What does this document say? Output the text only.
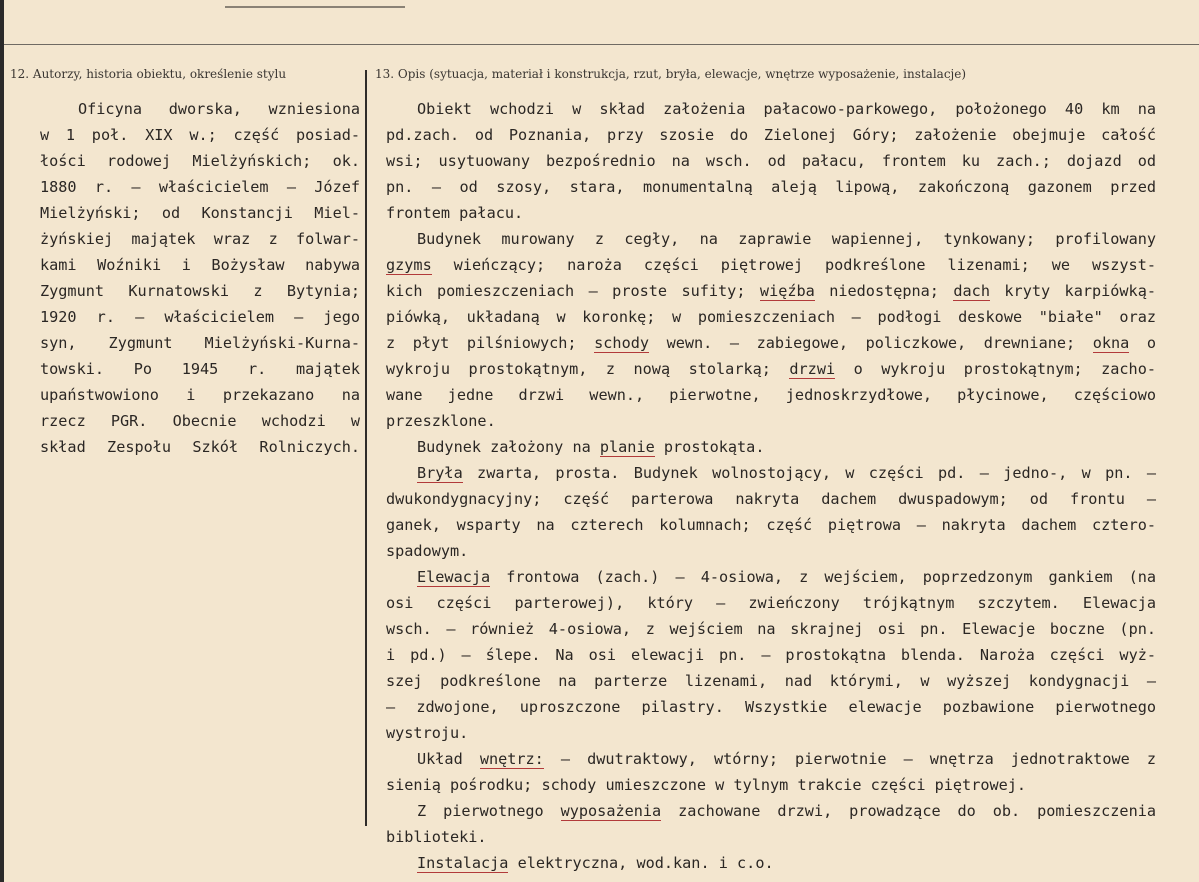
12. Autorzy, historia obiektu, określenie stylu	13. Opis (sytuacja, materiał i konstrukcja, rzut, bryła, elewacje, wnętrze wyposażenie, instalacje)
Oficyna dworska, wzniesiona
w 1 poł. XIX w.; część posiad-
łości rodowej Mielżyńskich; ok.
1880 r. – właścicielem – Józef
Mielżyński; od Konstancji Miel-
żyńskiej majątek wraz z folwar-
kami Woźniki i Bożysław nabywa
Zygmunt Kurnatowski z Bytynia;
1920 r. – właścicielem – jego
syn, Zygmunt Mielżyński-Kurna-
towski. Po 1945 r. majątek
upaństwowiono i przekazano na
rzecz PGR. Obecnie wchodzi w
skład Zespołu Szkół Rolniczych.
Obiekt wchodzi w skład założenia pałacowo-parkowego, położonego 40 km na
pd.zach. od Poznania, przy szosie do Zielonej Góry; założenie obejmuje całość
wsi; usytuowany bezpośrednio na wsch. od pałacu, frontem ku zach.; dojazd od
pn. – od szosy, stara, monumentalną aleją lipową, zakończoną gazonem przed
frontem pałacu.
Budynek murowany z cegły, na zaprawie wapiennej, tynkowany; profilowany
gzyms wieńczący; naroża części piętrowej podkreślone lizenami; we wszyst-
kich pomieszczeniach – proste sufity; więźba niedostępna; dach kryty karpiówką-
piówką, układaną w koronkę; w pomieszczeniach – podłogi deskowe "białe" oraz
z płyt pilśniowych; schody wewn. – zabiegowe, policzkowe, drewniane; okna o
wykroju prostokątnym, z nową stolarką; drzwi o wykroju prostokątnym; zacho-
wane jedne drzwi wewn., pierwotne, jednoskrzydłowe, płycinowe, częściowo
przeszklone.
Budynek założony na planie prostokąta.
Bryła zwarta, prosta. Budynek wolnostojący, w części pd. – jedno-, w pn. –
dwukondygnacyjny; część parterowa nakryta dachem dwuspadowym; od frontu –
ganek, wsparty na czterech kolumnach; część piętrowa – nakryta dachem cztero-
spadowym.
Elewacja frontowa (zach.) – 4-osiowa, z wejściem, poprzedzonym gankiem (na
osi części parterowej), który – zwieńczony trójkątnym szczytem. Elewacja
wsch. – również 4-osiowa, z wejściem na skrajnej osi pn. Elewacje boczne (pn.
i pd.) – ślepe. Na osi elewacji pn. – prostokątna blenda. Naroża części wyż-
szej podkreślone na parterze lizenami, nad którymi, w wyższej kondygnacji –
– zdwojone, uproszczone pilastry. Wszystkie elewacje pozbawione pierwotnego
wystroju.
Układ wnętrz: – dwutraktowy, wtórny; pierwotnie – wnętrza jednotraktowe z
sienią pośrodku; schody umieszczone w tylnym trakcie części piętrowej.
Z pierwotnego wyposażenia zachowane drzwi, prowadzące do ob. pomieszczenia
biblioteki.
Instalacja elektryczna, wod.kan. i c.o.
